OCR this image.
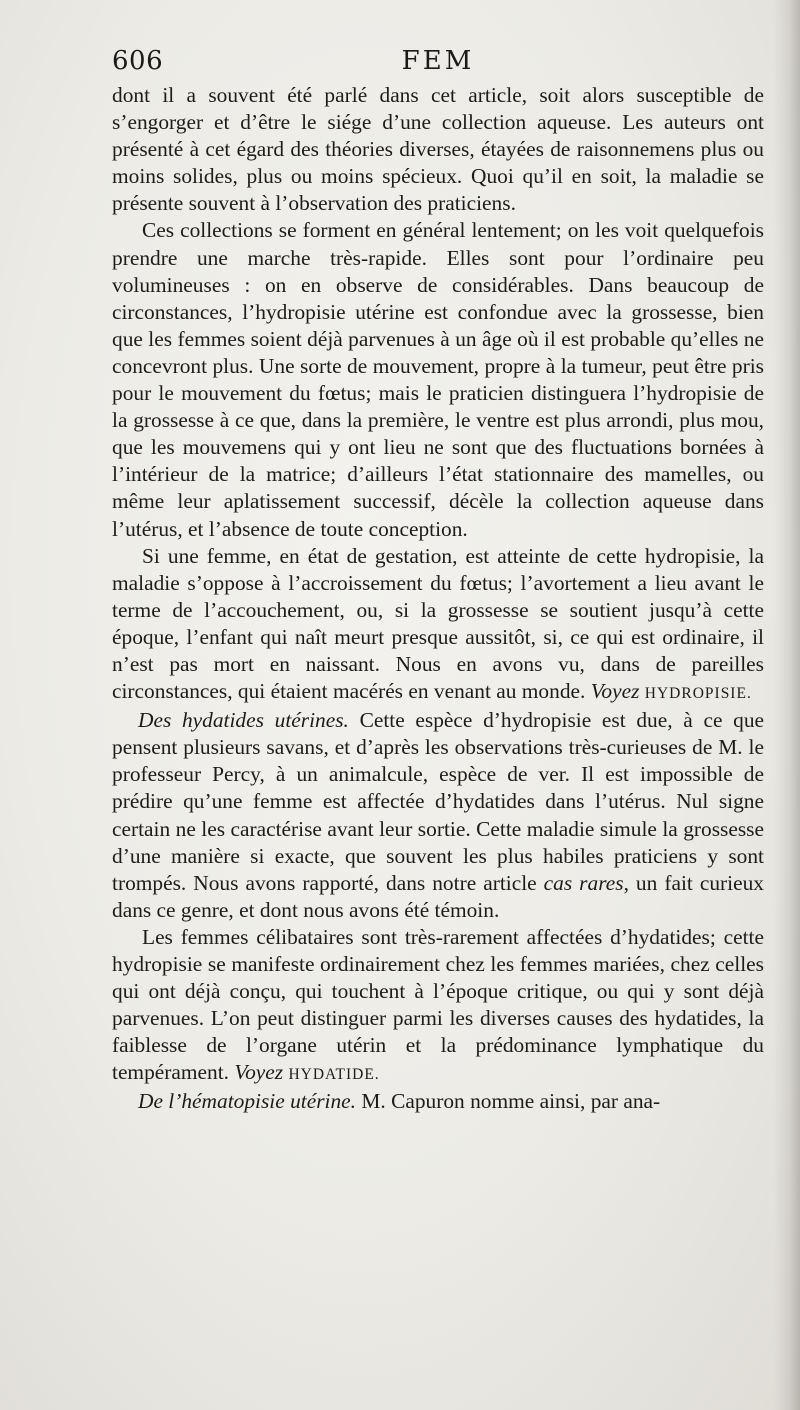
606	FEM

dont il a souvent été parlé dans cet article, soit alors susceptible de s’engorger et d’être le siége d’une collection aqueuse. Les auteurs ont présenté à cet égard des théories diverses, étayées de raisonnemens plus ou moins solides, plus ou moins spécieux. Quoi qu’il en soit, la maladie se présente souvent à l’observation des praticiens.

Ces collections se forment en général lentement; on les voit quelquefois prendre une marche très-rapide. Elles sont pour l’ordinaire peu volumineuses : on en observe de considérables. Dans beaucoup de circonstances, l’hydropisie utérine est confondue avec la grossesse, bien que les femmes soient déjà parvenues à un âge où il est probable qu’elles ne concevront plus. Une sorte de mouvement, propre à la tumeur, peut être pris pour le mouvement du fœtus; mais le praticien distinguera l’hydropisie de la grossesse à ce que, dans la première, le ventre est plus arrondi, plus mou, que les mouvemens qui y ont lieu ne sont que des fluctuations bornées à l’intérieur de la matrice; d’ailleurs l’état stationnaire des mamelles, ou même leur aplatissement successif, décèle la collection aqueuse dans l’utérus, et l’absence de toute conception.

Si une femme, en état de gestation, est atteinte de cette hydropisie, la maladie s’oppose à l’accroissement du fœtus; l’avortement a lieu avant le terme de l’accouchement, ou, si la grossesse se soutient jusqu’à cette époque, l’enfant qui naît meurt presque aussitôt, si, ce qui est ordinaire, il n’est pas mort en naissant. Nous en avons vu, dans de pareilles circonstances, qui étaient macérés en venant au monde. Voyez HYDROPISIE.

Des hydatides utérines. Cette espèce d’hydropisie est due, à ce que pensent plusieurs savans, et d’après les observations très-curieuses de M. le professeur Percy, à un animalcule, espèce de ver. Il est impossible de prédire qu’une femme est affectée d’hydatides dans l’utérus. Nul signe certain ne les caractérise avant leur sortie. Cette maladie simule la grossesse d’une manière si exacte, que souvent les plus habiles praticiens y sont trompés. Nous avons rapporté, dans notre article cas rares, un fait curieux dans ce genre, et dont nous avons été témoin.

Les femmes célibataires sont très-rarement affectées d’hydatides; cette hydropisie se manifeste ordinairement chez les femmes mariées, chez celles qui ont déjà conçu, qui touchent à l’époque critique, ou qui y sont déjà parvenues. L’on peut distinguer parmi les diverses causes des hydatides, la faiblesse de l’organe utérin et la prédominance lymphatique du tempérament. Voyez HYDATIDE.

De l’hématopisie utérine. M. Capuron nomme ainsi, par ana-
